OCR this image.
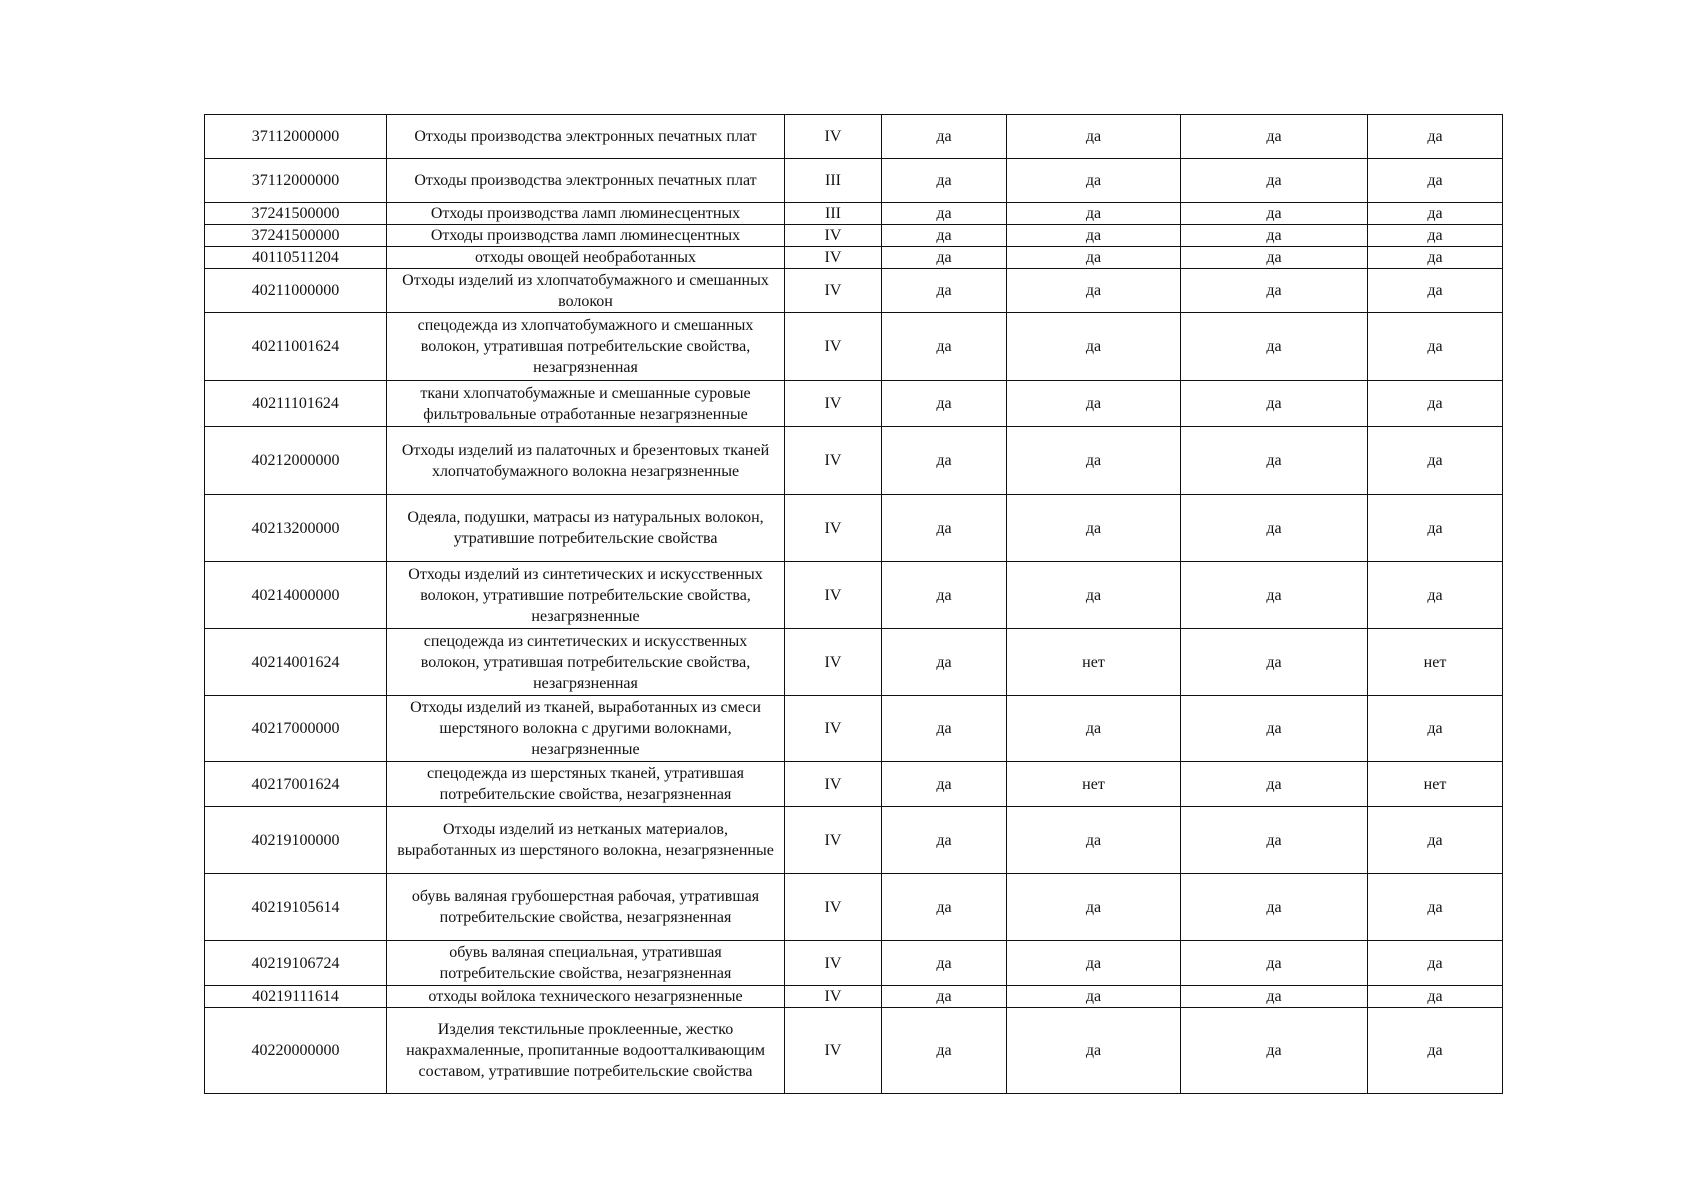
37112000000	Отходы производства электронных печатных плат	IV	да	да	да	да
37112000000	Отходы производства электронных печатных плат	III	да	да	да	да
37241500000	Отходы производства ламп люминесцентных	III	да	да	да	да
37241500000	Отходы производства ламп люминесцентных	IV	да	да	да	да
40110511204	отходы овощей необработанных	IV	да	да	да	да
40211000000	Отходы изделий из хлопчатобумажного и смешанных волокон	IV	да	да	да	да
40211001624	спецодежда из хлопчатобумажного и смешанных волокон, утратившая потребительские свойства, незагрязненная	IV	да	да	да	да
40211101624	ткани хлопчатобумажные и смешанные суровые фильтровальные отработанные незагрязненные	IV	да	да	да	да
40212000000	Отходы изделий из палаточных и брезентовых тканей хлопчатобумажного волокна незагрязненные	IV	да	да	да	да
40213200000	Одеяла, подушки, матрасы из натуральных волокон, утратившие потребительские свойства	IV	да	да	да	да
40214000000	Отходы изделий из синтетических и искусственных волокон, утратившие потребительские свойства, незагрязненные	IV	да	да	да	да
40214001624	спецодежда из синтетических и искусственных волокон, утратившая потребительские свойства, незагрязненная	IV	да	нет	да	нет
40217000000	Отходы изделий из тканей, выработанных из смеси шерстяного волокна с другими волокнами, незагрязненные	IV	да	да	да	да
40217001624	спецодежда из шерстяных тканей, утратившая потребительские свойства, незагрязненная	IV	да	нет	да	нет
40219100000	Отходы изделий из нетканых материалов, выработанных из шерстяного волокна, незагрязненные	IV	да	да	да	да
40219105614	обувь валяная грубошерстная рабочая, утратившая потребительские свойства, незагрязненная	IV	да	да	да	да
40219106724	обувь валяная специальная, утратившая потребительские свойства, незагрязненная	IV	да	да	да	да
40219111614	отходы войлока технического незагрязненные	IV	да	да	да	да
40220000000	Изделия текстильные проклеенные, жестко накрахмаленные, пропитанные водоотталкивающим составом, утратившие потребительские свойства	IV	да	да	да	да
